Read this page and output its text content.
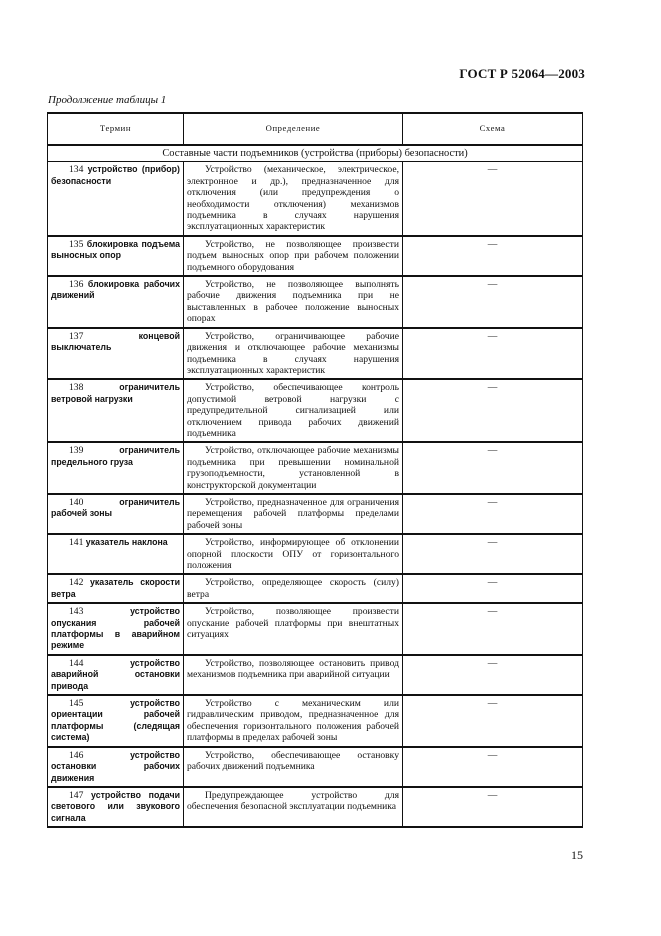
ГОСТ Р 52064—2003
Продолжение таблицы 1
Термин	Определение	Схема
Составные части подъемников (устройства (приборы) безопасности)		
134 устройство (прибор) безопасности	Устройство (механическое, электрическое, электронное и др.), предназначенное для отключения (или предупреждения о необходимости отключения) механизмов подъемника в случаях нарушения эксплуатационных характеристик	—
135 блокировка подъема выносных опор	Устройство, не позволяющее произвести подъем выносных опор при рабочем положении подъемного оборудования	—
136 блокировка рабочих движений	Устройство, не позволяющее выполнять рабочие движения подъемника при не выставленных в рабочее положение выносных опорах	—
137 концевой выключатель	Устройство, ограничивающее рабочие движения и отключающее рабочие механизмы подъемника в случаях нарушения эксплуатационных характеристик	—
138 ограничитель ветровой нагрузки	Устройство, обеспечивающее контроль допустимой ветровой нагрузки с предупредительной сигнализацией или отключением привода рабочих движений подъемника	—
139 ограничитель предельного груза	Устройство, отключающее рабочие механизмы подъемника при превышении номинальной грузоподъемности, установленной в конструкторской документации	—
140 ограничитель рабочей зоны	Устройство, предназначенное для ограничения перемещения рабочей платформы пределами рабочей зоны	—
141 указатель наклона	Устройство, информирующее об отклонении опорной плоскости ОПУ от горизонтального положения	—
142 указатель скорости ветра	Устройство, определяющее скорость (силу) ветра	—
143 устройство опускания рабочей платформы в аварийном режиме	Устройство, позволяющее произвести опускание рабочей платформы при внештатных ситуациях	—
144 устройство аварийной остановки привода	Устройство, позволяющее остановить привод механизмов подъемника при аварийной ситуации	—
145 устройство ориентации рабочей платформы (следящая система)	Устройство с механическим или гидравлическим приводом, предназначенное для обеспечения горизонтального положения рабочей платформы в пределах рабочей зоны	—
146 устройство остановки рабочих движения	Устройство, обеспечивающее остановку рабочих движений подъемника	—
147 устройство подачи светового или звукового сигнала	Предупреждающее устройство для обеспечения безопасной эксплуатации подъемника	—
15
